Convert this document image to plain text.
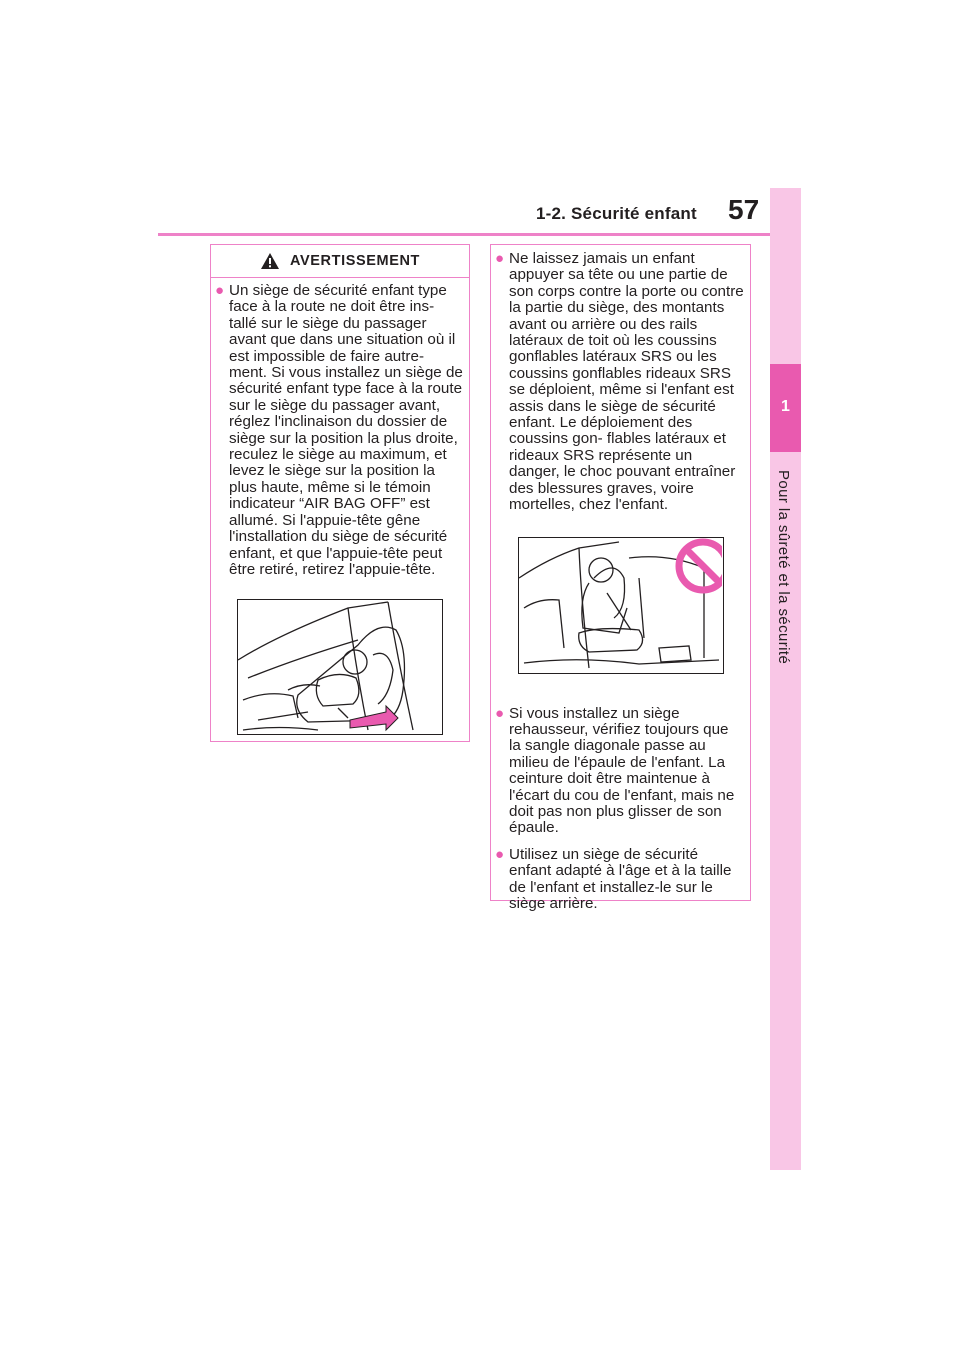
1-2. Sécurité enfant 57
1
Pour la sûreté et la sécurité
AVERTISSEMENT
● Un siège de sécurité enfant type face à la route ne doit être ins- tallé sur le siège du passager avant que dans une situation où il est impossible de faire autre- ment. Si vous installez un siège de sécurité enfant type face à la route sur le siège du passager avant, réglez l'inclinaison du dossier de siège sur la position la plus droite, reculez le siège au maximum, et levez le siège sur la position la plus haute, même si le témoin indicateur “AIR BAG OFF” est allumé. Si l'appuie-tête gêne l'installation du siège de sécurité enfant, et que l'appuie-tête peut être retiré, retirez l'appuie-tête.
● Ne laissez jamais un enfant appuyer sa tête ou une partie de son corps contre la porte ou contre la partie du siège, des montants avant ou arrière ou des rails latéraux de toit où les coussins gonflables latéraux SRS ou les coussins gonflables rideaux SRS se déploient, même si l'enfant est assis dans le siège de sécurité enfant. Le déploiement des coussins gon- flables latéraux et rideaux SRS représente un danger, le choc pouvant entraîner des blessures graves, voire mortelles, chez l'enfant.
● Si vous installez un siège rehausseur, vérifiez toujours que la sangle diagonale passe au milieu de l'épaule de l'enfant. La ceinture doit être maintenue à l'écart du cou de l'enfant, mais ne doit pas non plus glisser de son épaule.
● Utilisez un siège de sécurité enfant adapté à l'âge et à la taille de l'enfant et installez-le sur le siège arrière.
